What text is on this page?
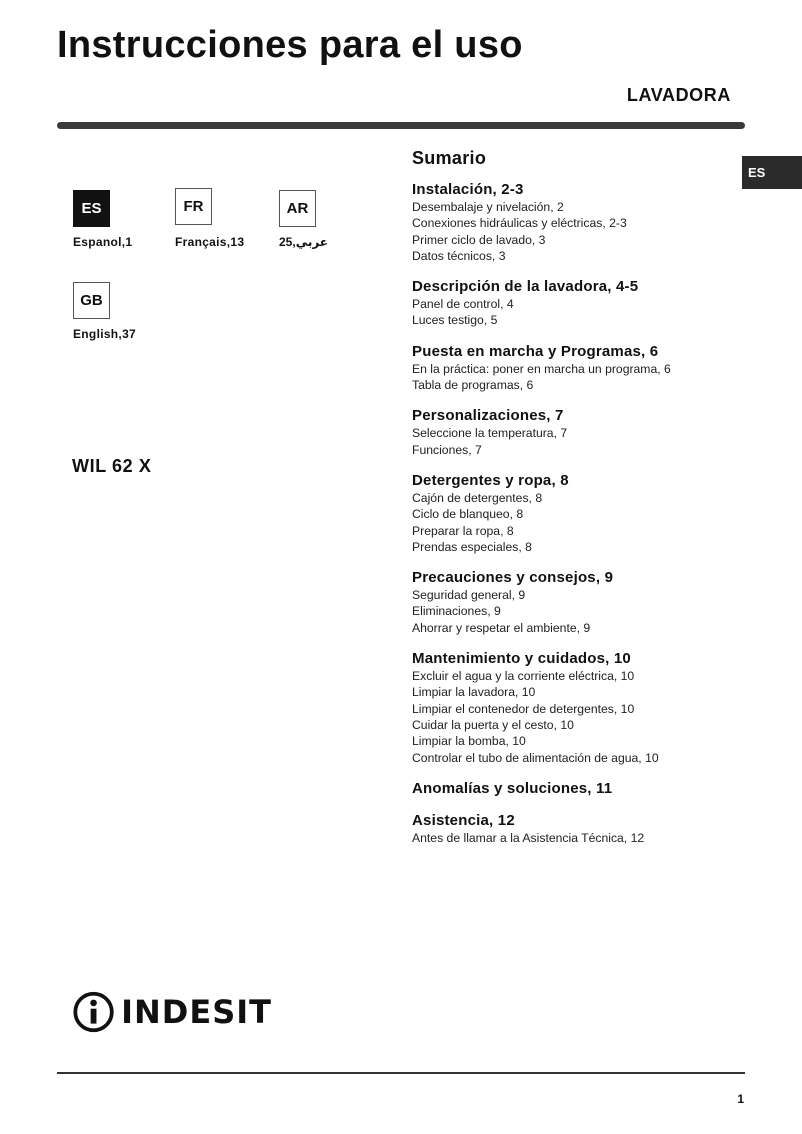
Instrucciones para el uso
LAVADORA
ES
ES
Espanol,1
FR
Français,13
AR
عربي,25
GB
English,37
WIL 62 X
Sumario
Instalación, 2-3
Desembalaje y nivelación, 2
Conexiones hidráulicas y eléctricas, 2-3
Primer ciclo de lavado, 3
Datos técnicos, 3
Descripción de la lavadora, 4-5
Panel de control, 4
Luces testigo, 5
Puesta en marcha y Programas, 6
En la práctica: poner en marcha un programa, 6
Tabla de programas, 6
Personalizaciones, 7
Seleccione la temperatura, 7
Funciones, 7
Detergentes y ropa, 8
Cajón de detergentes, 8
Ciclo de blanqueo, 8
Preparar la ropa, 8
Prendas especiales, 8
Precauciones y consejos, 9
Seguridad general, 9
Eliminaciones, 9
Ahorrar y respetar el ambiente, 9
Mantenimiento y cuidados, 10
Excluir el agua y la corriente eléctrica, 10
Limpiar la lavadora, 10
Limpiar el contenedor de detergentes, 10
Cuidar la puerta y el cesto, 10
Limpiar la bomba, 10
Controlar el tubo de alimentación de agua, 10
Anomalías y soluciones, 11
Asistencia, 12
Antes de llamar a la Asistencia Técnica, 12
INDESIT
1
